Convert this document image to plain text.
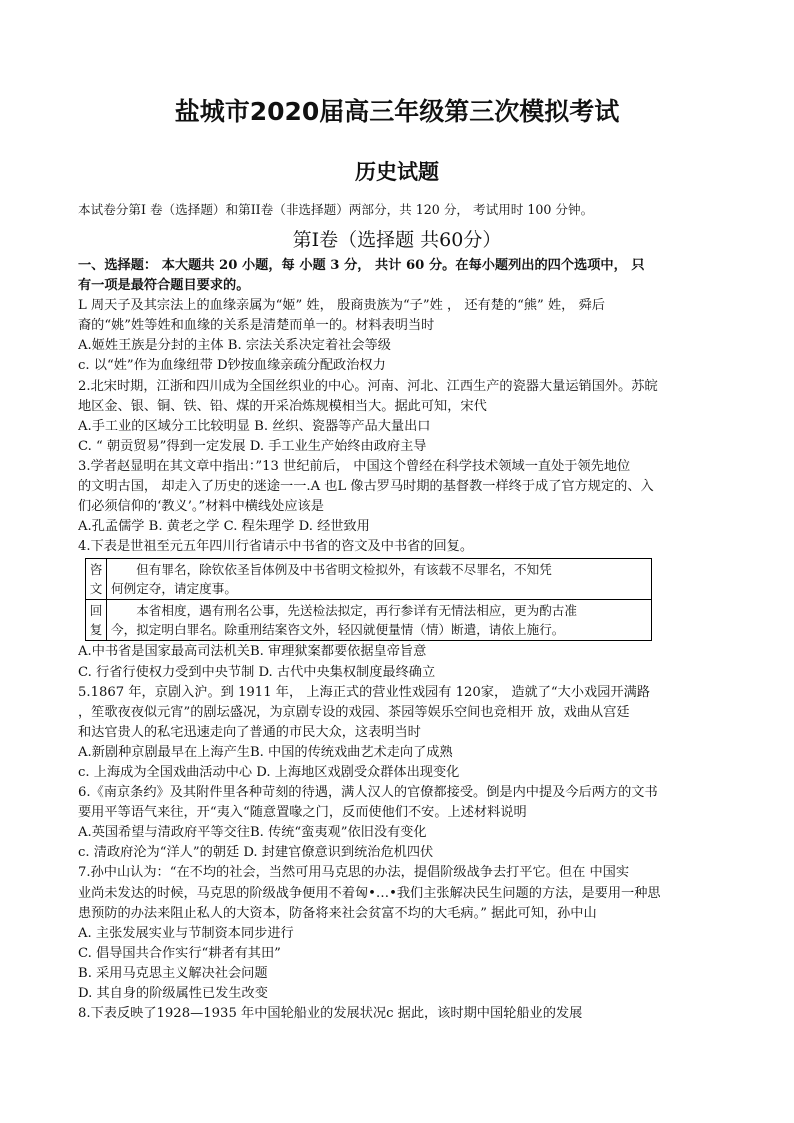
盐城市2020届高三年级第三次模拟考试
历史试题
本试卷分第I 卷（选择题）和第II卷（非选择题）两部分，共 120 分， 考试用时 100 分钟。
第I卷（选择题 共60分）
一、选择题： 本大题共 20 小题，每 小题 3 分， 共计 60 分。在每小题列出的四个选项中， 只
有一项是最符合题目要求的。
L 周天子及其宗法上的血缘亲属为“姬” 姓， 殷商贵族为“子”姓 ， 还有楚的“熊” 姓， 舜后
裔的“姚”姓等姓和血缘的关系是清楚而单一的。材料表明当时
A.姬姓王族是分封的主体 B. 宗法关系决定着社会等级
c. 以“姓”作为血缘纽带 D钞按血缘亲疏分配政治权力
2.北宋时期，江浙和四川成为全国丝织业的中心。河南、河北、江西生产的瓷器大量运销国外。苏皖
地区金、银、铜、铁、铅、煤的开采冶炼规模相当大。据此可知，宋代
A.手工业的区域分工比较明显 B. 丝织、瓷器等产品大量出口
C. “ 朝贡贸易”得到一定发展 D. 手工业生产始终由政府主导
3.学者赵显明在其文章中指出：”13 世纪前后， 中国这个曾经在科学技术领域一直处于领先地位
的文明古国， 却走入了历史的迷途一一.A 也L 像古罗马时期的基督教一样终于成了官方规定的、入
们必须信仰的‘教义’。”材料中横线处应该是
A.孔孟儒学 B. 黄老之学 C. 程朱理学 D. 经世致用
4.下表是世祖至元五年四川行省请示中书省的咨文及中书省的回复。
咨文	但有罪名，除钦依圣旨体例及中书省明文检拟外，有该载不尽罪名，不知凭
何例定夺，请定度事。

回复	本省相度，遇有刑名公事，先送检法拟定，再行参详有无情法相应，更为酌古准
今，拟定明白罪名。除重刑结案咨文外，轻囚就便量情（情）断遣，请依上施行。
A.中书省是国家最高司法机关B. 审理狱案都要依据皇帝旨意
C. 行省行使权力受到中央节制 D. 古代中央集权制度最终确立
5.1867 年，京剧入沪。到 1911 年， 上海正式的营业性戏园有 120家， 造就了“大小戏园开满路
，笙歌夜夜似元宵”的剧坛盛况，为京剧专设的戏园、茶园等娱乐空间也竞相开 放，戏曲从宫廷
和达官贵人的私宅迅速走向了普通的市民大众，这表明当时
A.新剧种京剧最早在上海产生B. 中国的传统戏曲艺术走向了成熟
c. 上海成为全国戏曲活动中心 D. 上海地区戏剧受众群体出现变化
6.《南京条约》及其附件里各种苛刻的待遇，满人汉人的官僚都接受。倒是内中提及今后两方的文书
要用平等语气来往，开“夷入“随意置喙之门，反而使他们不安。上述材料说明
A.英国希望与清政府平等交往B. 传统“蛮夷观”依旧没有变化
c. 清政府沦为“洋人”的朝廷 D. 封建官僚意识到统治危机四伏
7.孙中山认为：“在不均的社会，当然可用马克思的办法，提倡阶级战争去打平它。但在 中国实
业尚未发达的时候，马克思的阶级战争便用不着匈•…•我们主张解决民生问题的方法，是要用一种思
患预防的办法来阻止私人的大资本，防备将来社会贫富不均的大毛病。” 据此可知，孙中山
A. 主张发展实业与节制资本同步进行
C. 倡导国共合作实行“耕者有其田”
B. 采用马克思主义解决社会问题
D. 其自身的阶级属性已发生改变
8.下表反映了1928—1935 年中国轮船业的发展状况c 据此，该时期中国轮船业的发展
